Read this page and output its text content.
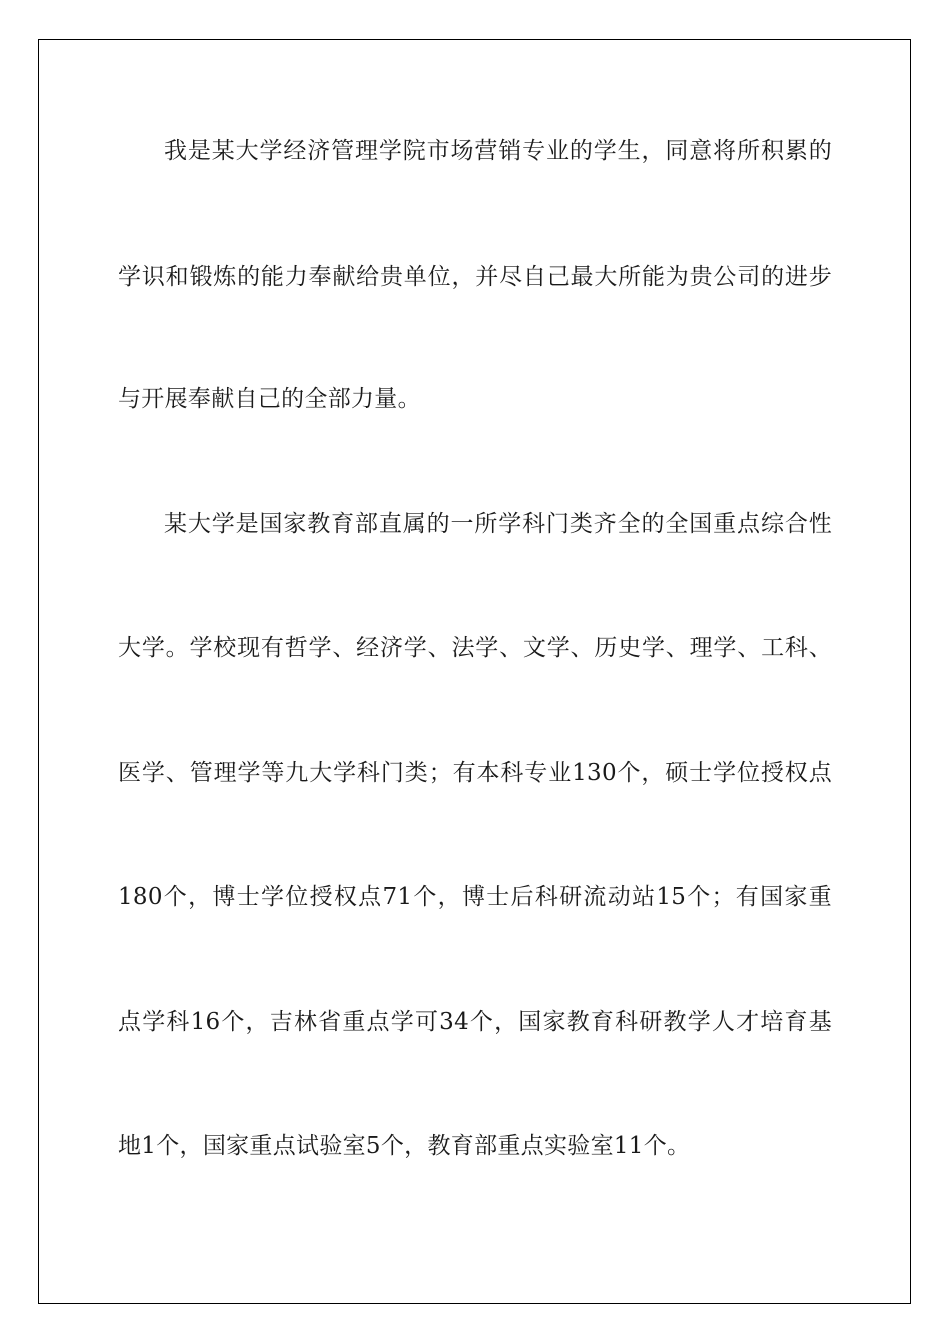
我是某大学经济管理学院市场营销专业的学生，同意将所积累的
学识和锻炼的能力奉献给贵单位，并尽自己最大所能为贵公司的进步
与开展奉献自己的全部力量。
某大学是国家教育部直属的一所学科门类齐全的全国重点综合性
大学。学校现有哲学、经济学、法学、文学、历史学、理学、工科、
医学、管理学等九大学科门类；有本科专业130个，硕士学位授权点
180个，博士学位授权点71个，博士后科研流动站15个；有国家重
点学科16个，吉林省重点学可34个，国家教育科研教学人才培育基
地1个，国家重点试验室5个，教育部重点实验室11个。
